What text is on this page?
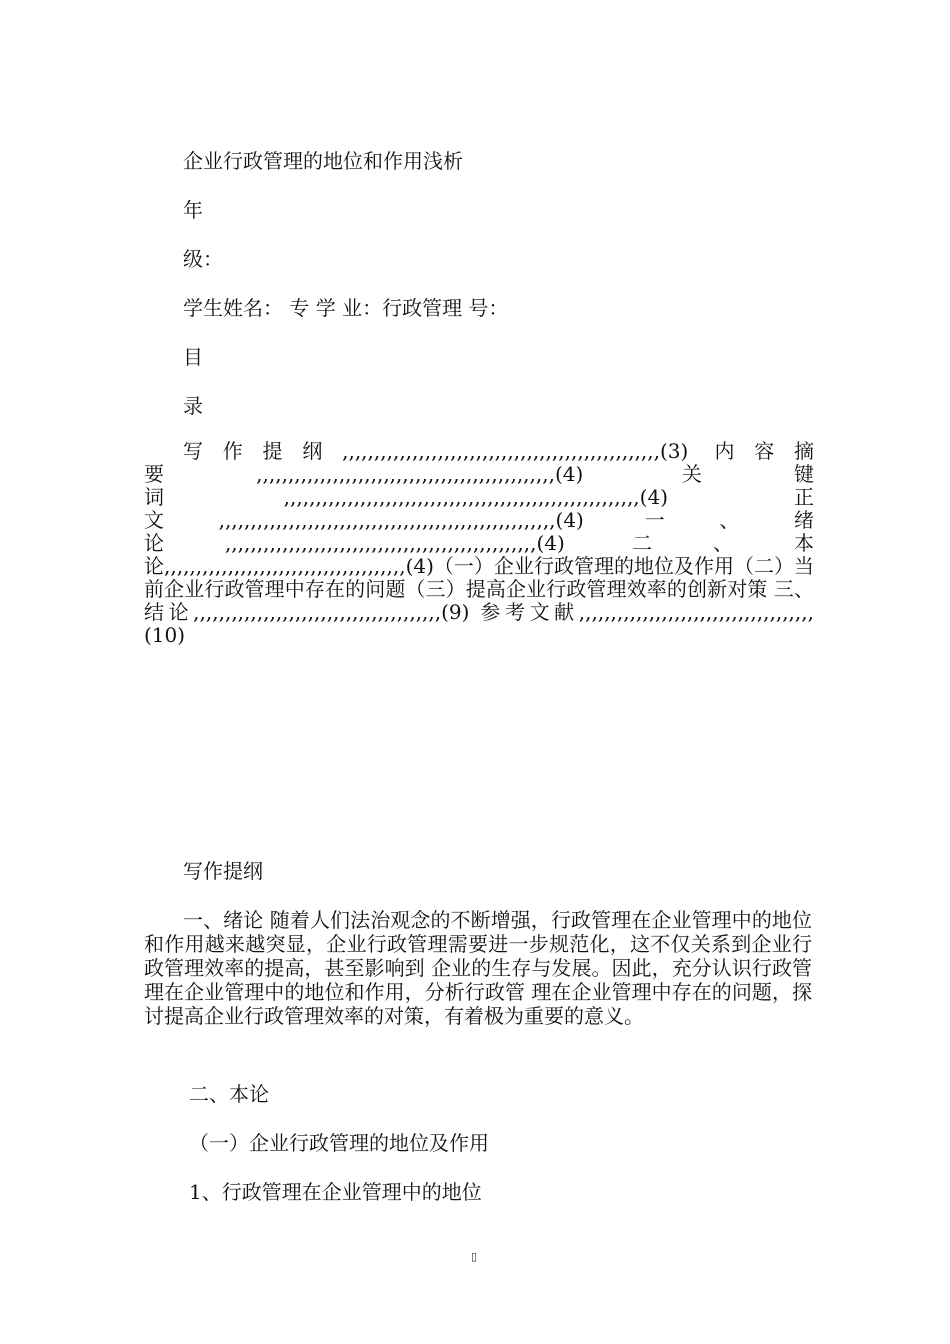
企业行政管理的地位和作用浅析
年
级：
学生姓名： 专 学 业：行政管理 号：
目
录
写作提纲,,,,,,,,,,,,,,,,,,,,,,,,,,,,,,,,,,,,,,,,,,,,,,,,,,(3) 内容摘要,,,,,,,,,,,,,,,,,,,,,,,,,,,,,,,,,,,,,,,,,,,,,,,(4) 关键词,,,,,,,,,,,,,,,,,,,,,,,,,,,,,,,,,,,,,,,,,,,,,,,,,,,,,,,,(4) 正文,,,,,,,,,,,,,,,,,,,,,,,,,,,,,,,,,,,,,,,,,,,,,,,,,,,,,(4) 一、绪论,,,,,,,,,,,,,,,,,,,,,,,,,,,,,,,,,,,,,,,,,,,,,,,,,(4) 二、本论,,,,,,,,,,,,,,,,,,,,,,,,,,,,,,,,,,,,,,(4)（一）企业行政管理的地位及作用（二）当前企业行政管理中存在的问题（三）提高企业行政管理效率的创新对策 三、结论,,,,,,,,,,,,,,,,,,,,,,,,,,,,,,,,,,,,,,,(9) 参考文献,,,,,,,,,,,,,,,,,,,,,,,,,,,,,,,,,,,,, (10)
写作提纲
一、绪论 随着人们法治观念的不断增强，行政管理在企业管理中的地位和作用越来越突显，企业行政管理需要进一步规范化，这不仅关系到企业行政管理效率的提高，甚至影响到 企业的生存与发展。因此，充分认识行政管理在企业管理中的地位和作用，分析行政管 理在企业管理中存在的问题，探讨提高企业行政管理效率的对策，有着极为重要的意义。
二、本论
（一）企业行政管理的地位及作用
1、行政管理在企业管理中的地位
▯
